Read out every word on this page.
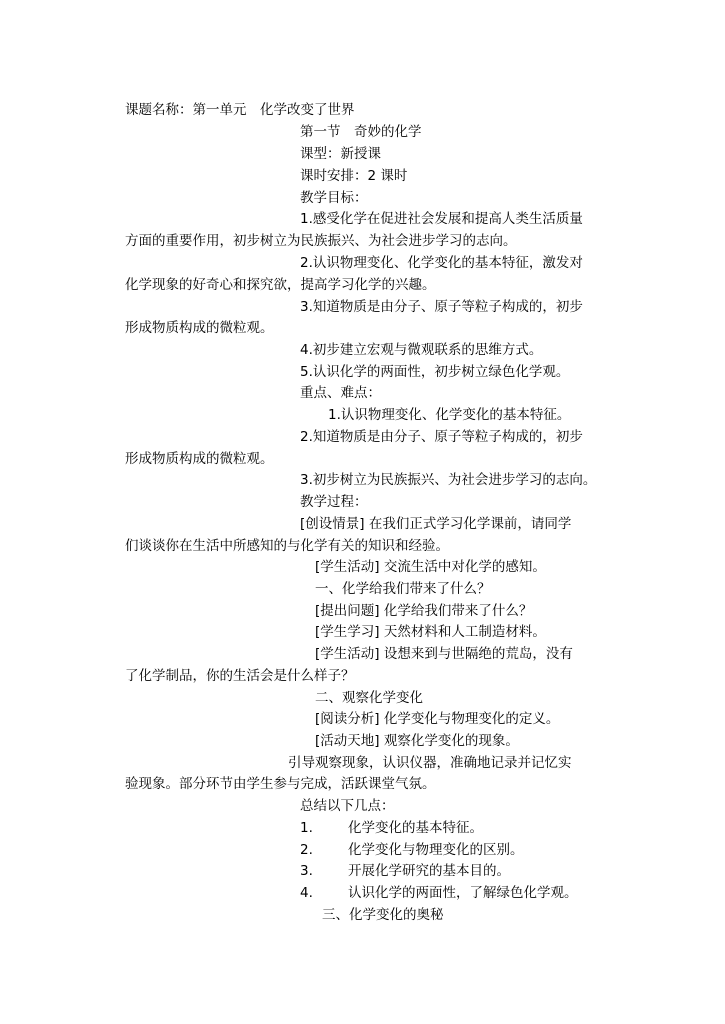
课题名称：第一单元　化学改变了世界
第一节　奇妙的化学
课型：新授课
课时安排：2 课时
教学目标：
1.感受化学在促进社会发展和提高人类生活质量
方面的重要作用，初步树立为民族振兴、为社会进步学习的志向。
2.认识物理变化、化学变化的基本特征，激发对
化学现象的好奇心和探究欲，提高学习化学的兴趣。
3.知道物质是由分子、原子等粒子构成的，初步
形成物质构成的微粒观。
4.初步建立宏观与微观联系的思维方式。
5.认识化学的两面性，初步树立绿色化学观。
重点、难点：
1.认识物理变化、化学变化的基本特征。
2.知道物质是由分子、原子等粒子构成的，初步
形成物质构成的微粒观。
3.初步树立为民族振兴、为社会进步学习的志向。
教学过程：
[创设情景] 在我们正式学习化学课前，请同学
们谈谈你在生活中所感知的与化学有关的知识和经验。
[学生活动] 交流生活中对化学的感知。
一、化学给我们带来了什么？
[提出问题] 化学给我们带来了什么？
[学生学习] 天然材料和人工制造材料。
[学生活动] 设想来到与世隔绝的荒岛，没有
了化学制品，你的生活会是什么样子？
二、观察化学变化
[阅读分析] 化学变化与物理变化的定义。
[活动天地] 观察化学变化的现象。
引导观察现象，认识仪器，准确地记录并记忆实
验现象。部分环节由学生参与完成，活跃课堂气氛。
总结以下几点：
1.	化学变化的基本特征。
2.	化学变化与物理变化的区别。
3.	开展化学研究的基本目的。
4.	认识化学的两面性，了解绿色化学观。
三、化学变化的奥秘
